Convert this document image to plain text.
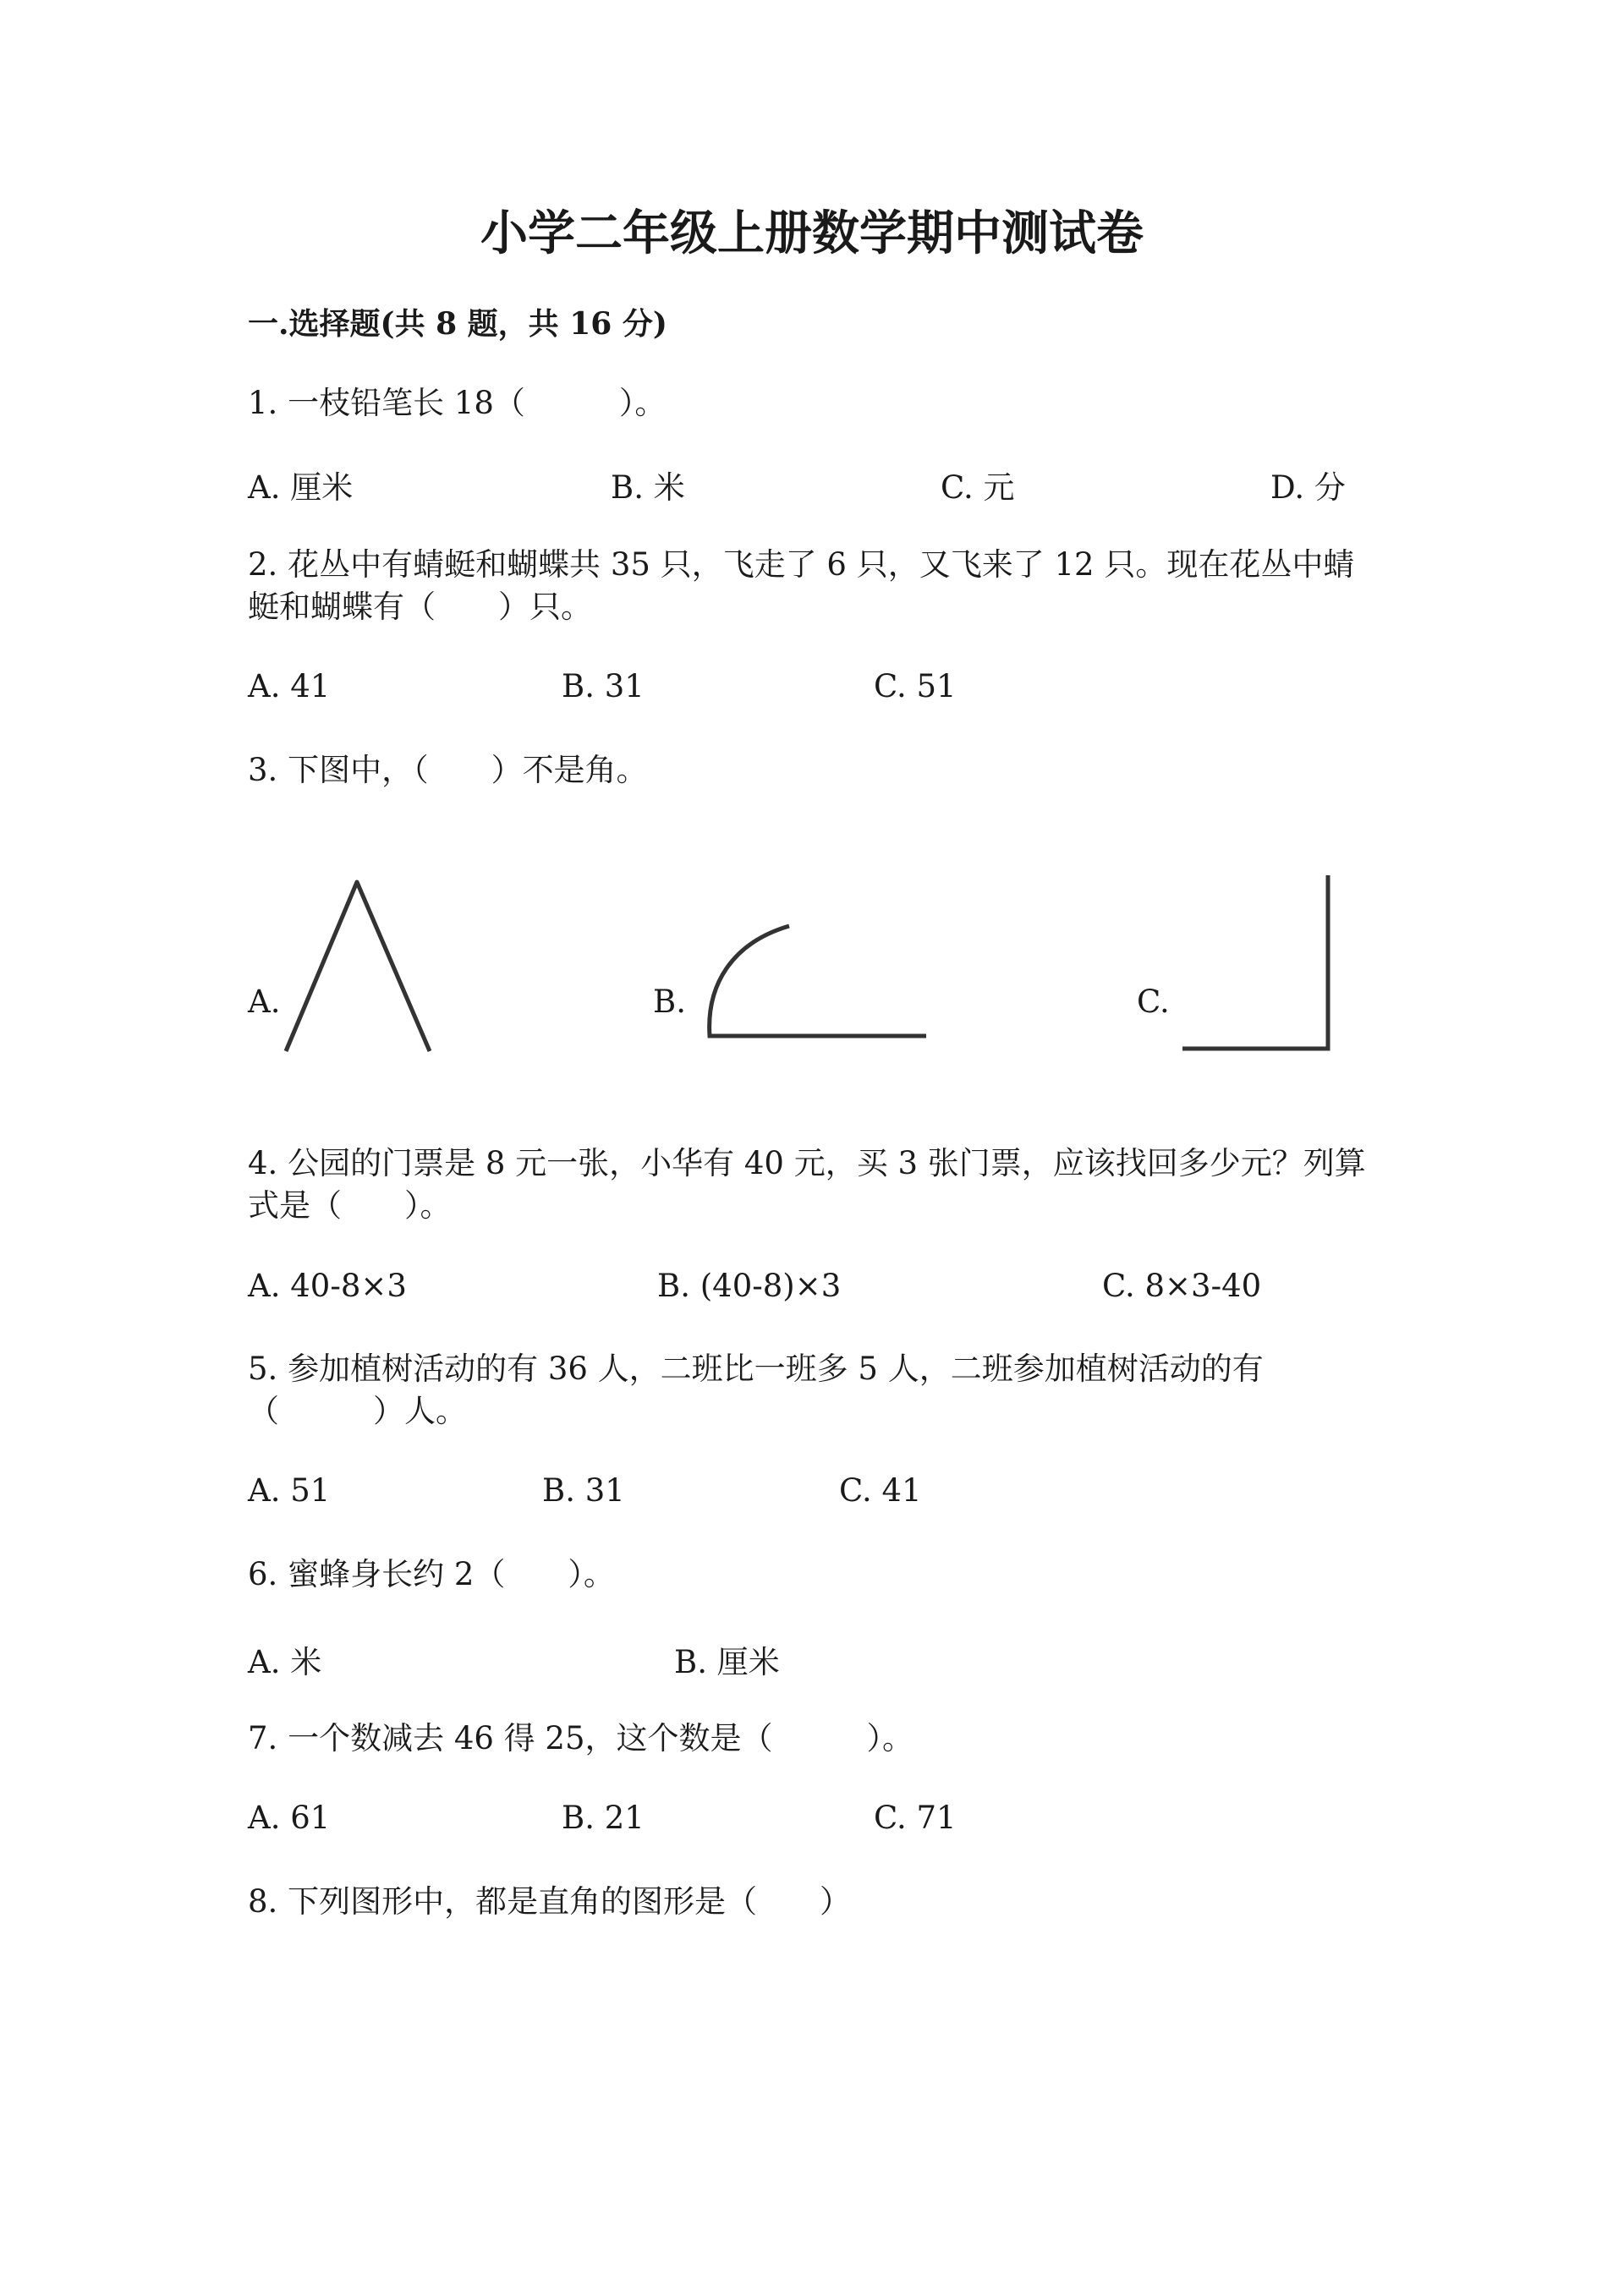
小学二年级上册数学期中测试卷
一.选择题(共 8 题，共 16 分)
1. 一枝铅笔长 18（　　　）。
A. 厘米	B. 米	C. 元	D. 分
2. 花丛中有蜻蜓和蝴蝶共 35 只，飞走了 6 只，又飞来了 12 只。现在花丛中蜻
蜓和蝴蝶有（　　）只。
A. 41	B. 31	C. 51
3. 下图中，（　　）不是角。
A.	B.	C.
4. 公园的门票是 8 元一张，小华有 40 元，买 3 张门票，应该找回多少元？列算
式是（　　）。
A. 40-8×3	B. (40-8)×3	C. 8×3-40
5. 参加植树活动的有 36 人，二班比一班多 5 人，二班参加植树活动的有
（　　　）人。
A. 51	B. 31	C. 41
6. 蜜蜂身长约 2（　　）。
A. 米	B. 厘米
7. 一个数减去 46 得 25，这个数是（　　　）。
A. 61	B. 21	C. 71
8. 下列图形中，都是直角的图形是（　　）
